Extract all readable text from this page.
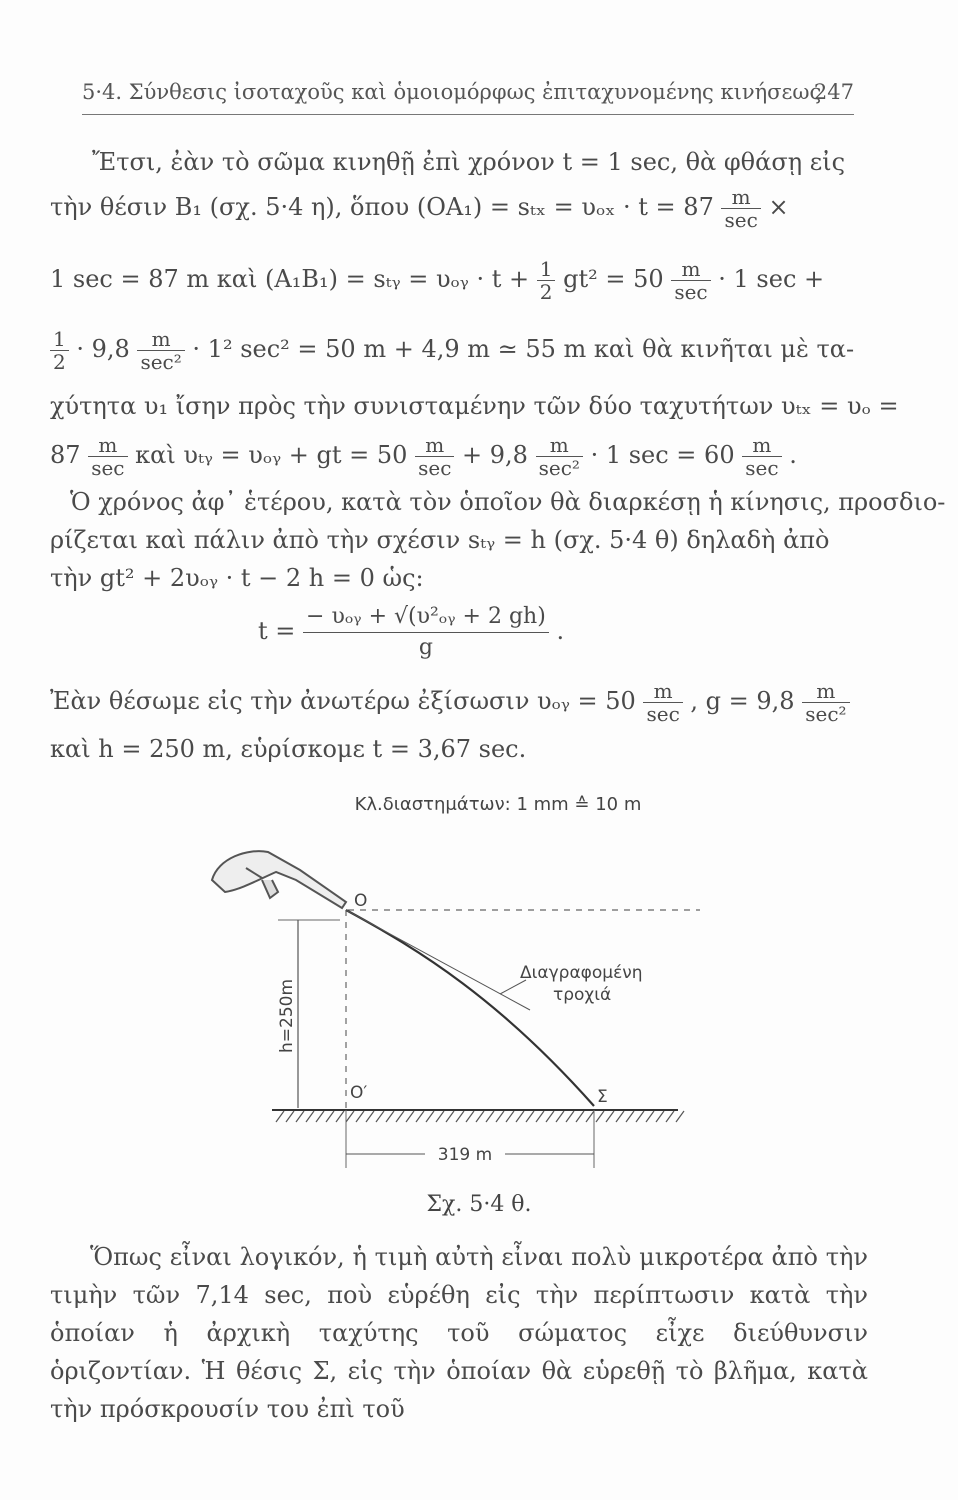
5·4. Σύνθεσις ἰσοταχοῦς καὶ ὁμοιομόρφως ἐπιταχυνομένης κινήσεως
247
Ἔτσι, ἐὰν τὸ σῶμα κινηθῇ ἐπὶ χρόνον t = 1 sec, θὰ φθάσῃ εἰς
τὴν θέσιν B₁ (σχ. 5·4 η), ὅπου $(OA_1) = s_{tx} = \upsilon_{ox} \cdot t = 87 \frac{m}{\sec}$ ×
1 sec = 87 m καὶ (A₁B₁) = sₜᵧ = υₒᵧ · $t + \frac{1}{2} gt^2 = 50 \frac{m}{\sec} \cdot 1$ sec +
$\frac{1}{2} \cdot 9,8 \frac{m}{\text{sec²}} \cdot 1^2$ sec² = 50 m + 4,9 m ≃ 55 m καὶ θὰ κινῆται μὲ τα-
χύτητα υ₁ ἴσην πρὸς τὴν συνισταμένην τῶν δύο ταχυτήτων υₜₓ = υₒ =
$87 \frac{m}{\sec}$ καὶ υₜᵧ = υₒᵧ + gt = $50 \frac{m}{\sec} + 9,8 \frac{m}{\text{sec²}} \cdot 1$ $\sec = 60 \frac{m}{\sec}$ .
Ὁ χρόνος ἀφ᾽ ἑτέρου, κατὰ τὸν ὁποῖον θὰ διαρκέσῃ ἡ κίνησις, προσδιο-
ρίζεται καὶ πάλιν ἀπὸ τὴν σχέσιν sₜᵧ = h (σχ. 5·4 θ) δηλαδὴ ἀπὸ
τὴν gt² + 2υₒᵧ · t − 2 h = 0 ὡς:
$t = \frac{\text{− υₒᵧ + √(υ²ₒᵧ + 2 gh)}}{g}$ .
Ἐὰν θέσωμε εἰς τὴν ἀνωτέρω ἐξίσωσιν υₒᵧ = $50 \frac{m}{\sec}$ , $g = 9,8 \frac{m}{\text{sec²}}$
καὶ h = 250 m, εὑρίσκομε t = 3,67 sec.
Κλ.διαστημάτων: 1 mm ≙ 10 m
O
O′
h=250m
Διαγραφομένη
τροχιά
Σ
319 m
Σχ. 5·4 θ.

Ὅπως εἶναι λογικόν, ἡ τιμὴ αὐτὴ εἶναι πολὺ μικροτέρα ἀπὸ τὴν τιμὴν τῶν 7,14 sec, ποὺ εὑρέθη εἰς τὴν περίπτωσιν κατὰ τὴν ὁποίαν ἡ ἀρχικὴ ταχύτης τοῦ σώματος εἶχε διεύθυνσιν ὁριζοντίαν. Ἡ θέσις Σ, εἰς τὴν ὁποίαν θὰ εὑρεθῇ τὸ βλῆμα, κατὰ τὴν πρόσκρουσίν του ἐπὶ τοῦ
